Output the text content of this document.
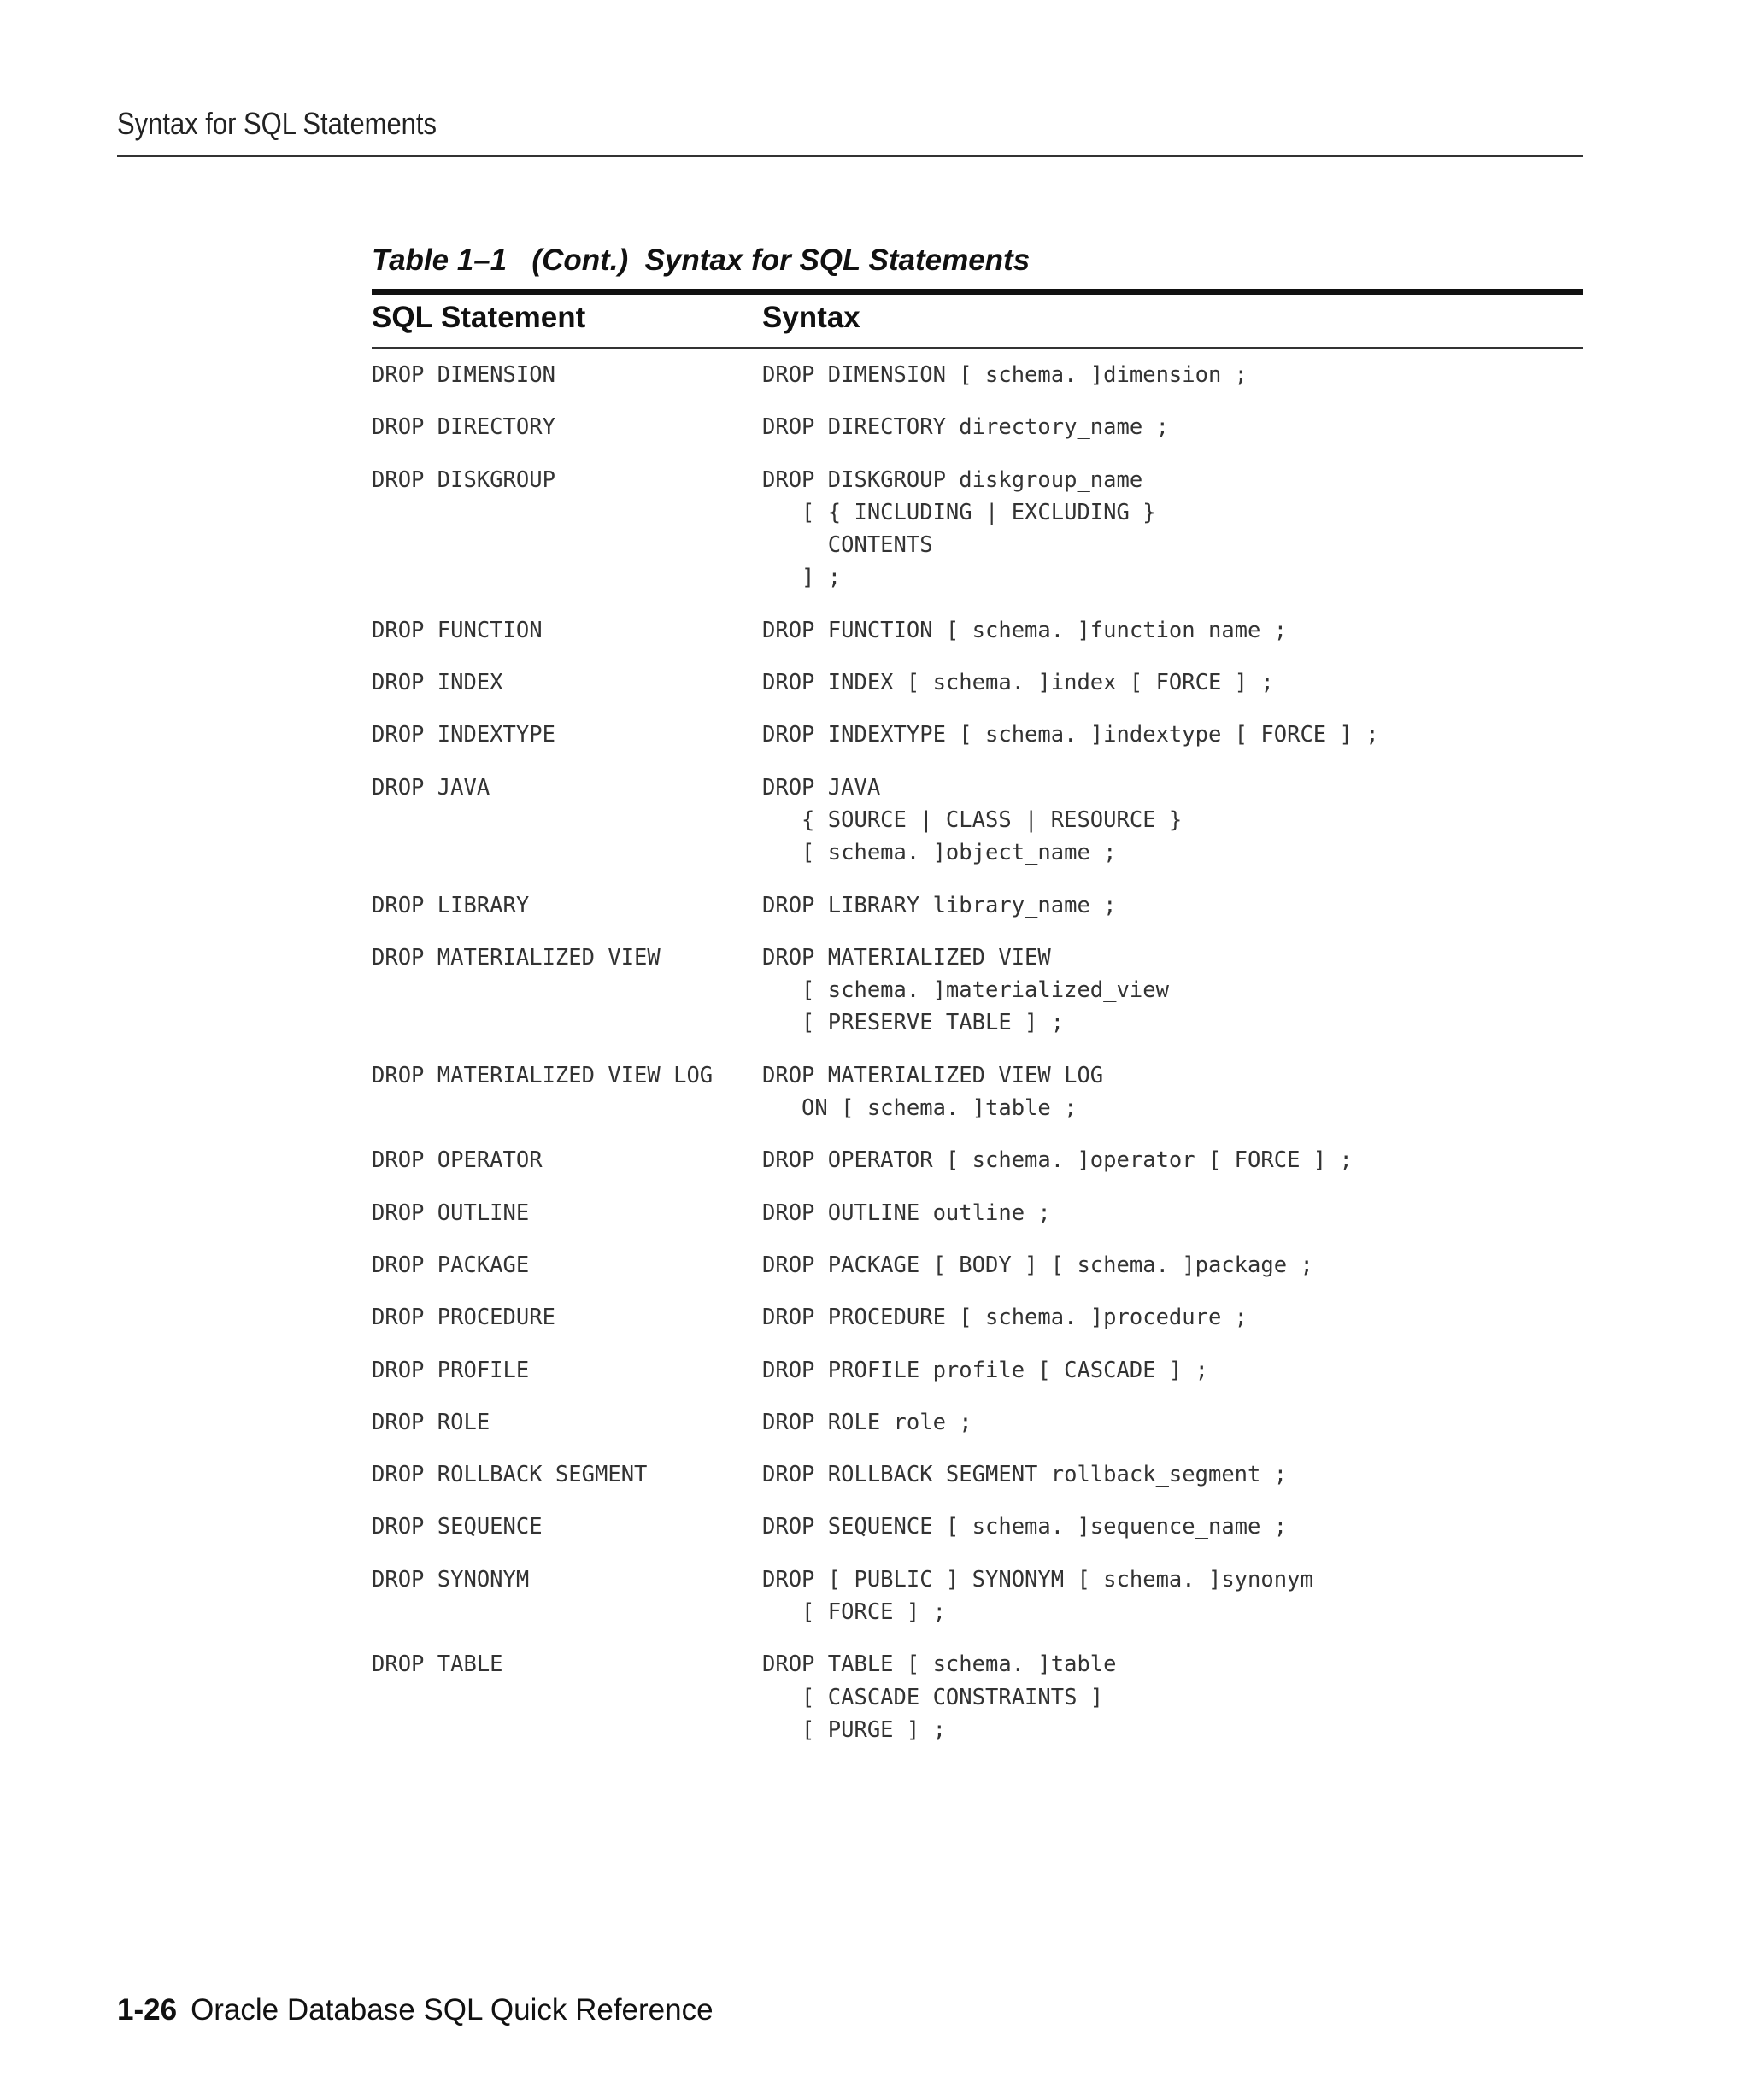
Syntax for SQL Statements
Table 1–1   (Cont.)  Syntax for SQL Statements
SQL Statement	Syntax
DROP DIMENSION	DROP DIMENSION [ schema. ]dimension ;
DROP DIRECTORY	DROP DIRECTORY directory_name ;
DROP DISKGROUP	DROP DISKGROUP diskgroup_name
[ { INCLUDING | EXCLUDING }
CONTENTS
] ;
DROP FUNCTION	DROP FUNCTION [ schema. ]function_name ;
DROP INDEX	DROP INDEX [ schema. ]index [ FORCE ] ;
DROP INDEXTYPE	DROP INDEXTYPE [ schema. ]indextype [ FORCE ] ;
DROP JAVA	DROP JAVA
{ SOURCE | CLASS | RESOURCE }
[ schema. ]object_name ;
DROP LIBRARY	DROP LIBRARY library_name ;
DROP MATERIALIZED VIEW	DROP MATERIALIZED VIEW
[ schema. ]materialized_view
[ PRESERVE TABLE ] ;
DROP MATERIALIZED VIEW LOG	DROP MATERIALIZED VIEW LOG
ON [ schema. ]table ;
DROP OPERATOR	DROP OPERATOR [ schema. ]operator [ FORCE ] ;
DROP OUTLINE	DROP OUTLINE outline ;
DROP PACKAGE	DROP PACKAGE [ BODY ] [ schema. ]package ;
DROP PROCEDURE	DROP PROCEDURE [ schema. ]procedure ;
DROP PROFILE	DROP PROFILE profile [ CASCADE ] ;
DROP ROLE	DROP ROLE role ;
DROP ROLLBACK SEGMENT	DROP ROLLBACK SEGMENT rollback_segment ;
DROP SEQUENCE	DROP SEQUENCE [ schema. ]sequence_name ;
DROP SYNONYM	DROP [ PUBLIC ] SYNONYM [ schema. ]synonym
[ FORCE ] ;
DROP TABLE	DROP TABLE [ schema. ]table
[ CASCADE CONSTRAINTS ]
[ PURGE ] ;
1-26 Oracle Database SQL Quick Reference
